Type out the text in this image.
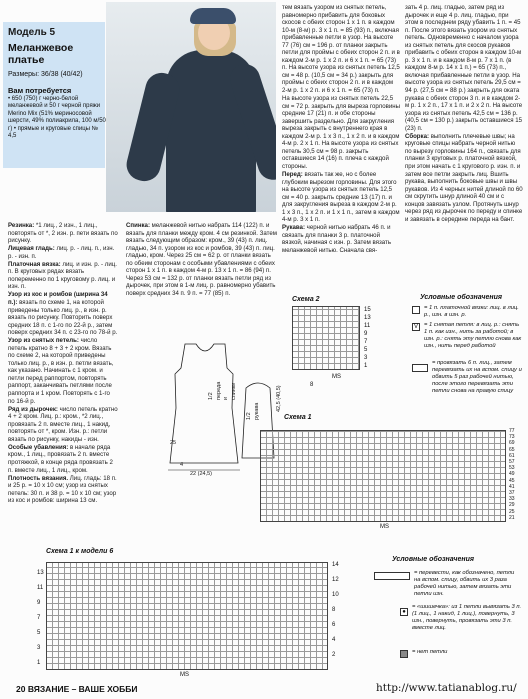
Модель 5
Меланжевое платье
Размеры: 36/38 (40/42)
Вам потребуется
• 650 (750) г черно-белой меланжевой и 50 г черной пряжи Merino Mix (51% мериносовой шерсти, 49% полиакрила, 100 м/50 г) • прямые и круговые спицы № 4,5

Резинка: *1 лиц., 2 изн., 1 лиц., повторять от *, 2 изн. р. пети вязать по рисунку.

Лицевая гладь: лиц. р. - лиц. п., изн. р. - изн. п.

Платочная вязка: лиц. и изн. р. - лиц. п. В круговых рядах вязать попеременно по 1 круговому р. лиц. и изн. п.

Узор из кос и ромбов (ширина 34 п.): вязать по схеме 1, на которой приведены только лиц. р., в изн. р. вязать по рисунку. Повторить поверх средних 18 п. с 1-го по 22-й р., затем поверх средних 34 п. с 23-го по 78-й р.

Узор из снятых петель: число петель кратно 8 + 3 + 2 кром. Вязать по схеме 2, на которой приведены только лиц. р., в изн. р. петли вязать, как указано. Начинать с 1 кром. и петли перед раппортом, повторять раппорт, заканчивать петлями после раппорта и 1 кром. Повторять с 1-го по 16-й р.

Ряд из дырочек: число петель кратно 4 + 2 кром. Лиц. р.: кром., *2 лиц., провязать 2 п. вместе лиц., 1 накид, повторять от *, кром. Изн. р.: петли вязать по рисунку, накиды - изн.

Особые убавления: в начале ряда кром., 1 лиц., провязать 2 п. вместе протяжкой, в конце ряда провязать 2 п. вместе лиц., 1 лиц., кром.

Плотность вязания. Лиц. гладь: 18 п. и 25 р. = 10 х 10 см; узор из снятых петель: 30 п. и 38 р. = 10 х 10 см; узор из кос и ромбов: ширина 13 см.

Спинка: меланжевой нитью набрать 114 (122) п. и вязать для планки между кром. 4 см резинкой. Затем вязать следующим образом: кром., 39 (43) п. лиц. гладью, 34 п. узором из кос и ромбов, 39 (43) п. лиц. гладью, кром. Через 25 см = 62 р. от планки вязать по обеим сторонам с особыми убавлениями с обеих сторон 1 х 1 п. в каждом 4-м р. 13 х 1 п. = 86 (94) п. Через 53 см = 132 р. от планки вязать петли ряд из дырочек, при этом в 1-м лиц. р. равномерно убавить поверх средних 34 п. 9 п. = 77 (85) п.

1/2 переда и спинки
1/2 рукава	42,5 (40,5)
22 (24,5)
25
4

тем вязать узором из снятых петель, равномерно прибавить для боковых скосов с обеих сторон 1 х 1 п. в каждом 10-м (8-м) р. 3 х 1 п. = 85 (93) п., включая прибавленные петли в узор. На высоте 77 (76) см = 196 р. от планки закрыть петли для проймы с обеих сторон 2 п. и в каждом 2-м р. 1 х 2 п. и 6 х 1 п. = 65 (73) п. На высоте узора из снятых петель 12,5 см = 48 р. (10,5 см = 34 р.) закрыть для проймы с обеих сторон 2 п. и в каждом 2-м р. 1 х 2 п. и 6 х 1 п. = 65 (73) п.

На высоте узора из снятых петель 22,5 см = 72 р. закрыть для выреза горловины средние 17 (21) п. и обе стороны завершить раздельно. Для закругления выреза закрыть с внутреннего края в каждом 2-м р. 1 х 3 п., 1 х 2 п. и в каждом 4-м р. 2 х 1 п. На высоте узора из снятых петель 30,5 см = 98 р. закрыть оставшиеся 14 (16) п. плеча с каждой стороны.

Перед: вязать так же, но с более глубоким вырезом горловины. Для этого на высоте узора из снятых петель 12,5 см = 40 р. закрыть средние 13 (17) п. и для закругления выреза в каждом 2-м р. 1 х 3 п., 1 х 2 п. и 1 х 1 п., затем в каждом 4-м р. 3 х 1 п.

Рукава: черной нитью набрать 46 п. и связать для планки 3 р. платочной вязкой, начиная с изн. р. Затем вязать меланжевой нитью. Сначала свя-

зать 4 р. лиц. гладью, затем ряд из дырочек и еще 4 р. лиц. гладью, при этом в последнем ряду убавить 1 п. = 45 п. После этого вязать узором из снятых петель. Одновременно с началом узора из снятых петель для скосов рукавов прибавить с обеих сторон в каждом 10-м р. 3 х 1 п. и в каждом 8-м р. 7 х 1 п. (в каждом 8-м р. 14 х 1 п.) = 65 (73) п., включая прибавленные петли в узор. На высоте узора из снятых петель 29,5 см = 94 р. (27,5 см = 88 р.) закрыть для окатa рукава с обеих сторон 3 п. и в каждом 2-м р. 1 х 2 п., 17 х 1 п. и 2 х 2 п. На высоте узора из снятых петель 42,5 см = 136 р. (40,5 см = 130 р.) закрыть оставшиеся 15 (23) п.

Сборка: выполнить плечевые швы; на круговые спицы набрать черной нитью по вырезу горловины 164 п., связать для планки 3 круговых р. платочной вязкой, при этом начать с 1 кругового р. изн. п. и затем все петли закрыть лиц. Вшить рукава, выполнить боковые швы и швы рукавов. Из 4 черных нитей длиной по 60 см скрутить шнур длиной 40 см и с концов завязать узлом. Протянуть шнур через ряд из дырочек по переду и спинке и завязать в середине переда на бант.

Схема 2
15
13
11
9
7
5
3
1
MS
8
Условные обозначения
= 1 п. платочной вязки: лиц. в лиц. р., изн. в изн. р.
V	= 1 снятая петля: в лиц. р.: снять 1 п. как изн., нить за работой; в изн. р.: снять эту петлю снова как изн., нить перед работой
= провязать 6 п. лиц., затем перевязать их на вспом. спицу и обвить 5 раз рабочей нитью, после этого перевязать эти петли снова на правую спицу
Схема 1
77
73
69
65
61
57
53
49
45
41
37
33
29
25
21
MS
Схема 1 к модели 6
13
11
9
7
5
3
1
14
12
10
8
6
4
2
MS
Условные обозначения
= перевести, как обозначено, петли на вспом. спицу, обвить их 3 раза рабочей нитью, затем вязать эти петли изн.
●
= «шишечка»: из 1 петли вывязать 3 п. (1 лиц., 1 накид, 1 лиц.), повернуть, 3 изн., повернуть, провязать эти 3 п. вместе лиц.
= нет петли
20 ВЯЗАНИЕ – ВАШЕ ХОББИ	http://www.tatianablog.ru/
